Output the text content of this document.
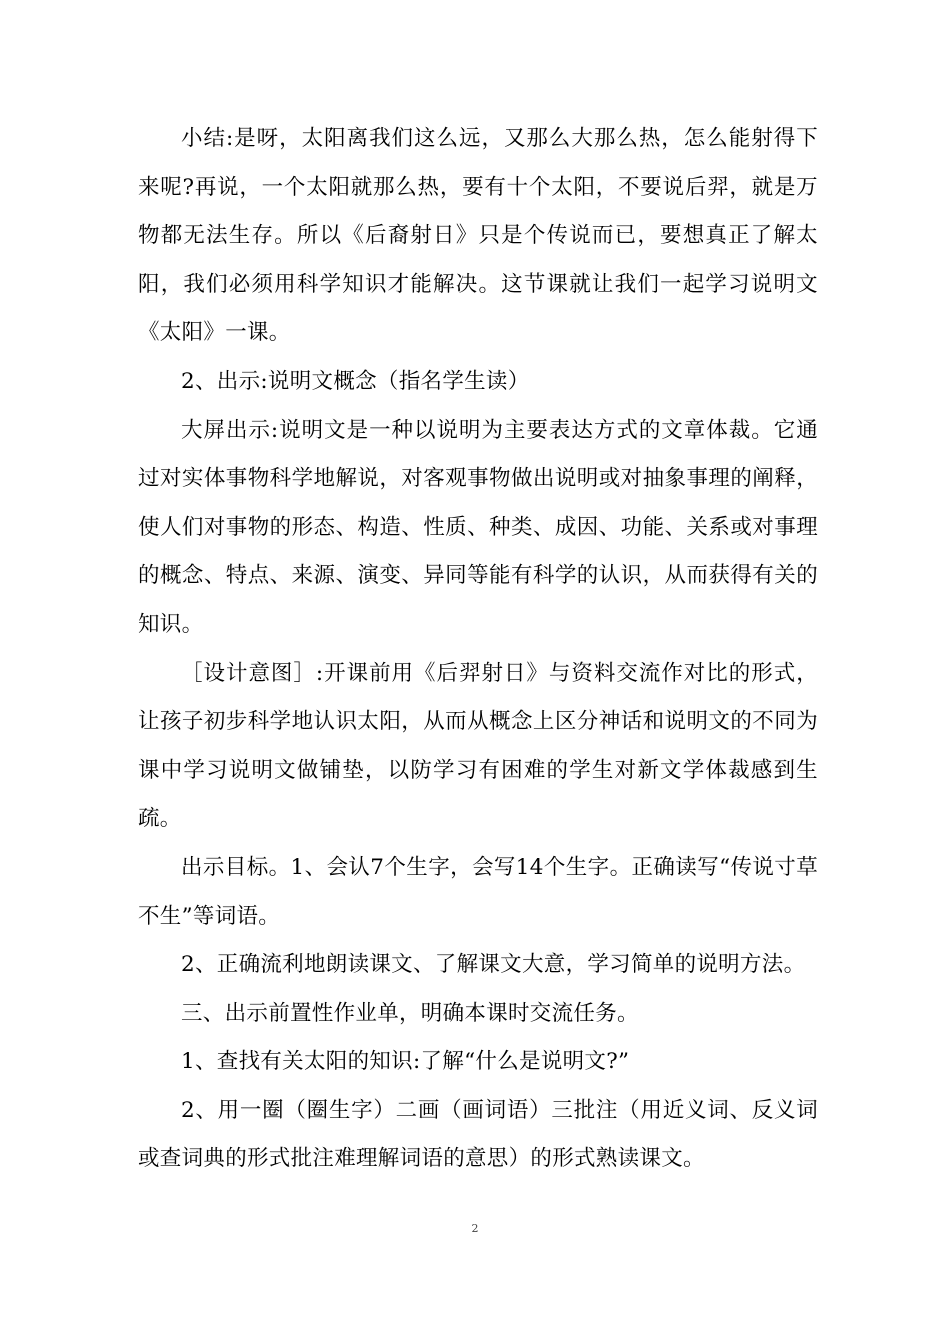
小结:是呀，太阳离我们这么远，又那么大那么热，怎么能射得下来呢?再说，一个太阳就那么热，要有十个太阳，不要说后羿，就是万物都无法生存。所以《后裔射日》只是个传说而已，要想真正了解太阳，我们必须用科学知识才能解决。这节课就让我们一起学习说明文《太阳》一课。

2、出示:说明文概念（指名学生读）

大屏出示:说明文是一种以说明为主要表达方式的文章体裁。它通过对实体事物科学地解说，对客观事物做出说明或对抽象事理的阐释，使人们对事物的形态、构造、性质、种类、成因、功能、关系或对事理的概念、特点、来源、演变、异同等能有科学的认识，从而获得有关的知识。

［设计意图］:开课前用《后羿射日》与资料交流作对比的形式，让孩子初步科学地认识太阳，从而从概念上区分神话和说明文的不同为课中学习说明文做铺垫，以防学习有困难的学生对新文学体裁感到生疏。

出示目标。1、会认7个生字，会写14个生字。正确读写“传说寸草不生”等词语。

2、正确流利地朗读课文、了解课文大意，学习简单的说明方法。

三、出示前置性作业单，明确本课时交流任务。

1、查找有关太阳的知识:了解“什么是说明文?”

2、用一圈（圈生字）二画（画词语）三批注（用近义词、反义词或查词典的形式批注难理解词语的意思）的形式熟读课文。

2
